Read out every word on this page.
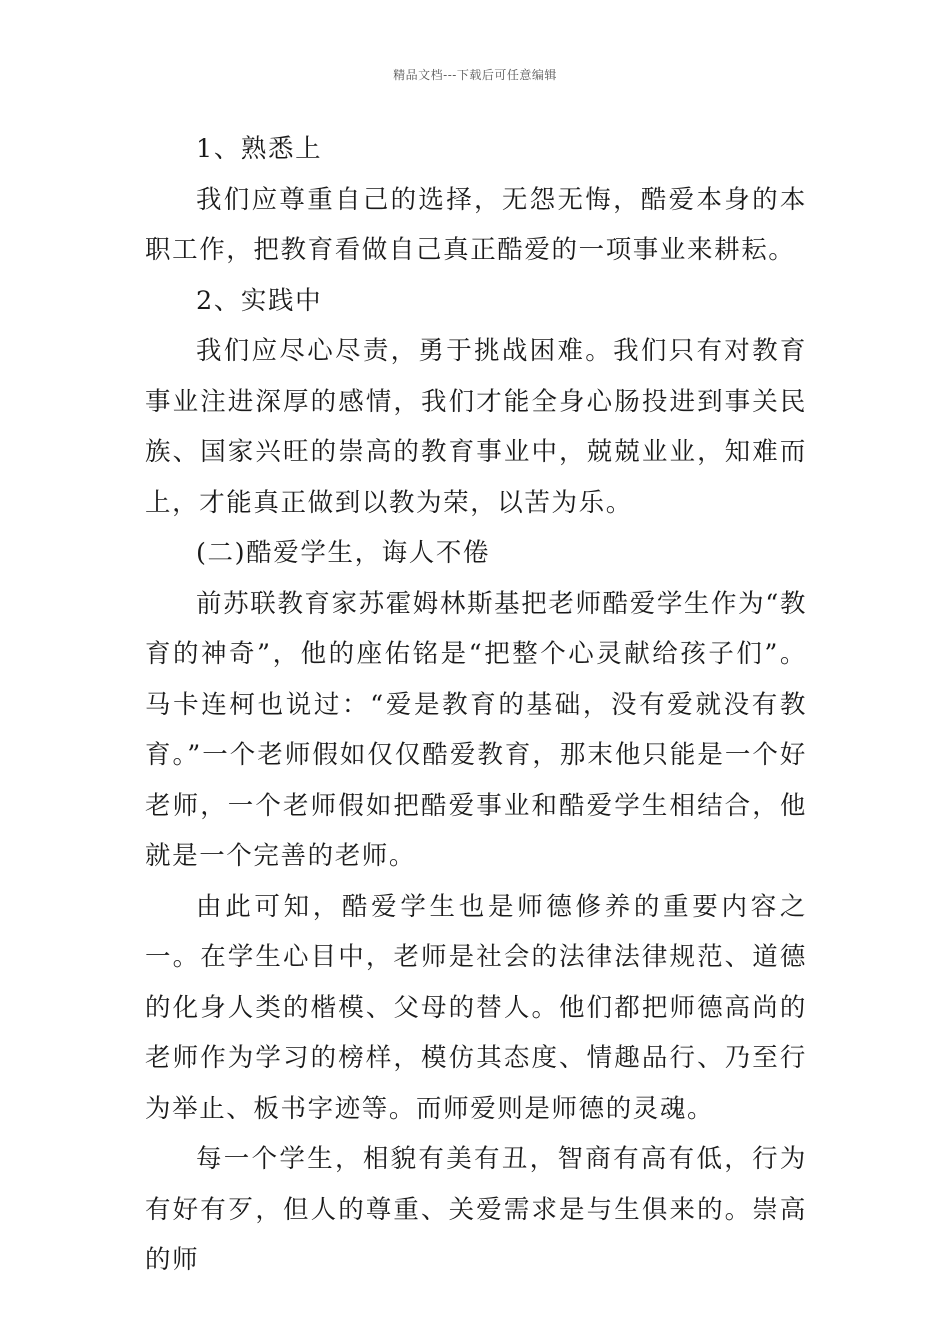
精品文档---下载后可任意编辑
1、熟悉上

我们应尊重自己的选择，无怨无悔，酷爱本身的本职工作，把教育看做自己真正酷爱的一项事业来耕耘。

2、实践中

我们应尽心尽责，勇于挑战困难。我们只有对教育事业注进深厚的感情，我们才能全身心肠投进到事关民族、国家兴旺的崇高的教育事业中，兢兢业业，知难而上，才能真正做到以教为荣，以苦为乐。

(二)酷爱学生，诲人不倦

前苏联教育家苏霍姆林斯基把老师酷爱学生作为“教育的神奇”，他的座佑铭是“把整个心灵献给孩子们”。马卡连柯也说过：“爱是教育的基础，没有爱就没有教育。”一个老师假如仅仅酷爱教育，那末他只能是一个好老师，一个老师假如把酷爱事业和酷爱学生相结合，他就是一个完善的老师。

由此可知，酷爱学生也是师德修养的重要内容之一。在学生心目中，老师是社会的法律法律规范、道德的化身人类的楷模、父母的替人。他们都把师德高尚的老师作为学习的榜样，模仿其态度、情趣品行、乃至行为举止、板书字迹等。而师爱则是师德的灵魂。

每一个学生，相貌有美有丑，智商有高有低，行为有好有歹，但人的尊重、关爱需求是与生俱来的。崇高的师
